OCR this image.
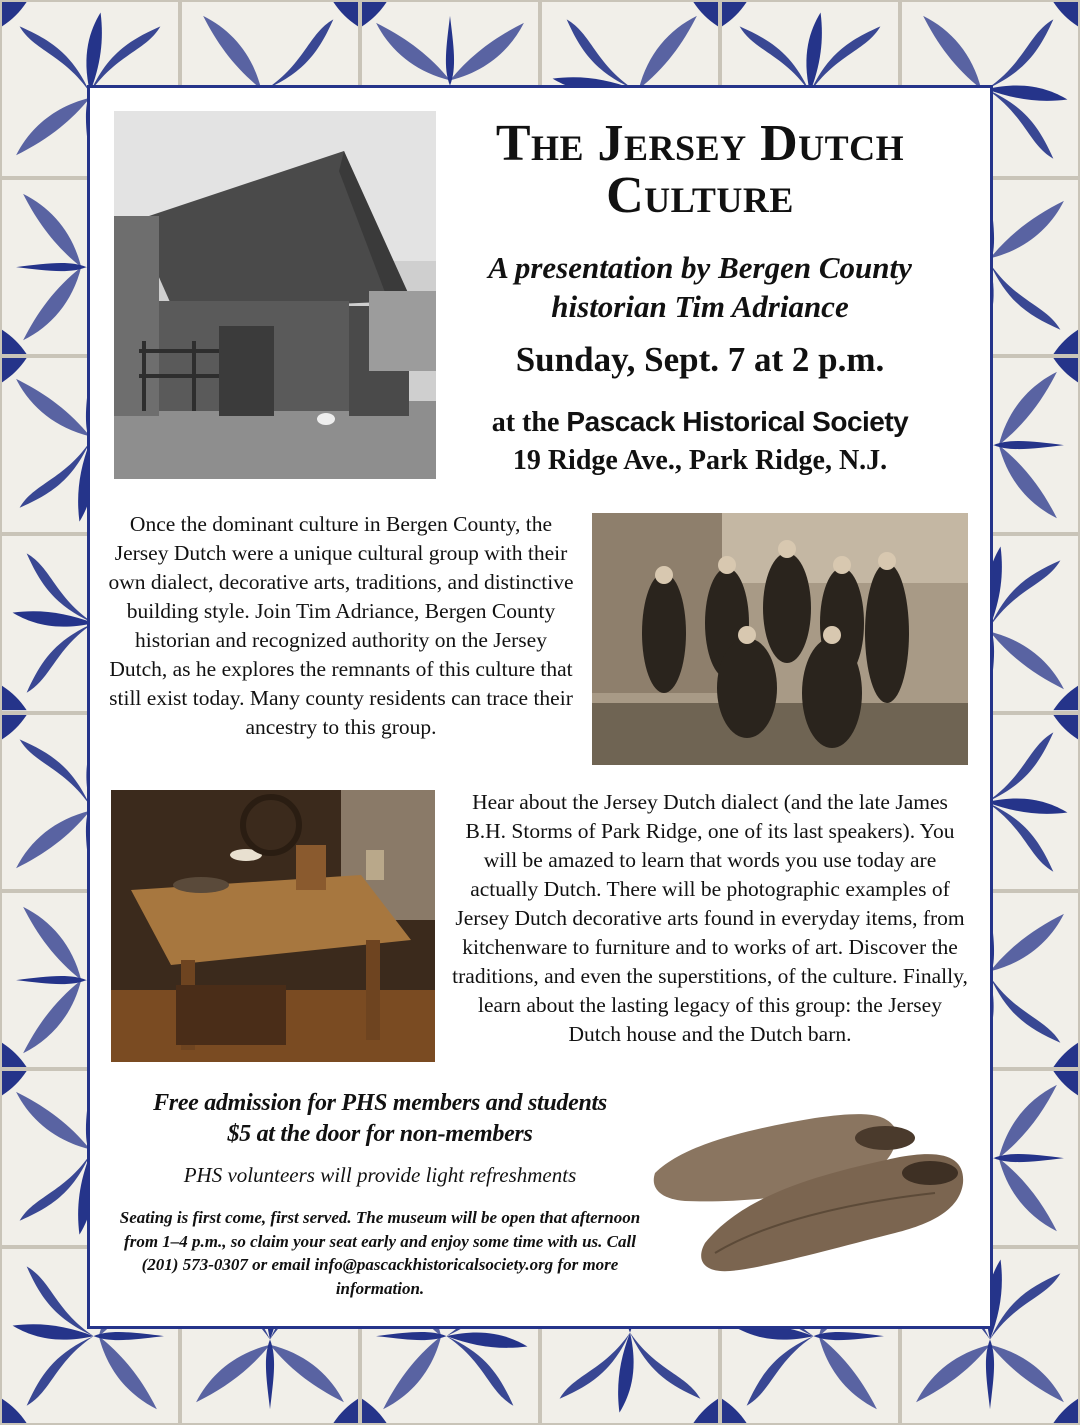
The Jersey Dutch
Culture
A presentation by Bergen County
historian Tim Adriance
Sunday, Sept. 7 at 2 p.m.
at the Pascack Historical Society
19 Ridge Ave., Park Ridge, N.J.
Once the dominant culture in Bergen County, the Jersey Dutch were a unique cultural group with their own dialect, decorative arts, traditions, and distinctive building style. Join Tim Adriance, Bergen County historian and recognized authority on the Jersey Dutch, as he explores the remnants of this culture that still exist today. Many county residents can trace their ancestry to this group.
Hear about the Jersey Dutch dialect (and the late James B.H. Storms of Park Ridge, one of its last speakers). You will be amazed to learn that words you use today are actually Dutch. There will be photographic examples of Jersey Dutch decorative arts found in everyday items, from kitchenware to furniture and to works of art. Discover the traditions, and even the superstitions, of the culture. Finally, learn about the lasting legacy of this group: the Jersey Dutch house and the Dutch barn.
Free admission for PHS members and students
$5 at the door for non-members
PHS volunteers will provide light refreshments
Seating is first come, first served. The museum will be open that afternoon from 1–4 p.m., so claim your seat early and enjoy some time with us. Call (201) 573-0307 or email info@pascackhistoricalsociety.org for more information.
